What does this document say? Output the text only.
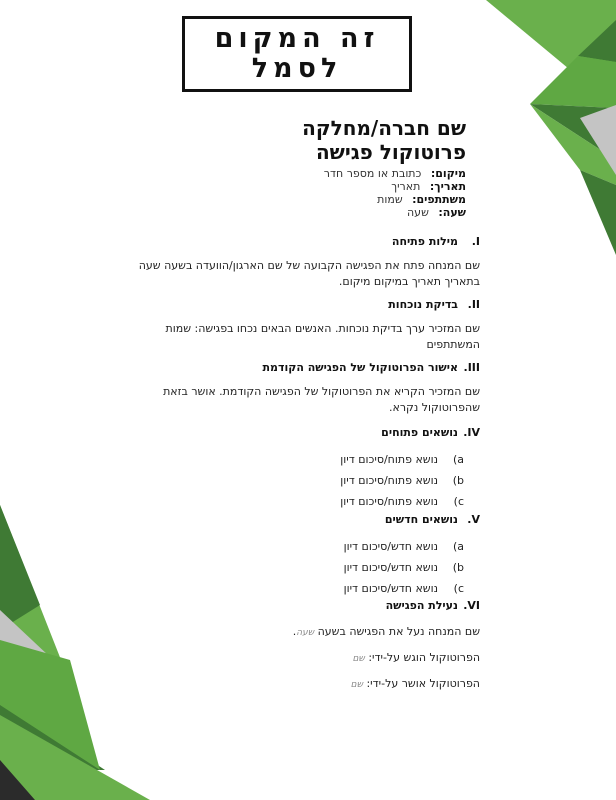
זה המקום
לסמל
שם חברה/מחלקה
פרוטוקול פגישה
מיקום: כתובת או מספר חדר
תאריך: תאריך
משתתפים: שמות
שעה: שעה
I.
מילות פתיחה
שם המנחה פתח את הפגישה הקבועה של שם הארגון/הוועדה בשעה שעה בתאריך תאריך במיקום מיקום.
II.
בדיקת נוכחות
שם המזכיר ערך בדיקת נוכחות. האנשים הבאים נכחו בפגישה: שמות המשתתפים
III.
אישור הפרוטוקול של הפגישה הקודמת
שם המזכיר הקריא את הפרוטוקול של הפגישה הקודמת. אושר בזאת שהפרוטוקול נקרא.
IV.
נושאים פתוחים
a)
נושא פתוח/סיכום דיון
b)
נושא פתוח/סיכום דיון
c)
נושא פתוח/סיכום דיון
V.
נושאים חדשים
a)
נושא חדש/סיכום דיון
b)
נושא חדש/סיכום דיון
c)
נושא חדש/סיכום דיון
VI.
נעילת הפגישה
שם המנחה נעל את הפגישה בשעה שעה.
הפרוטוקול הוגש על-ידי: שם
הפרוטוקול אושר על-ידי: שם
